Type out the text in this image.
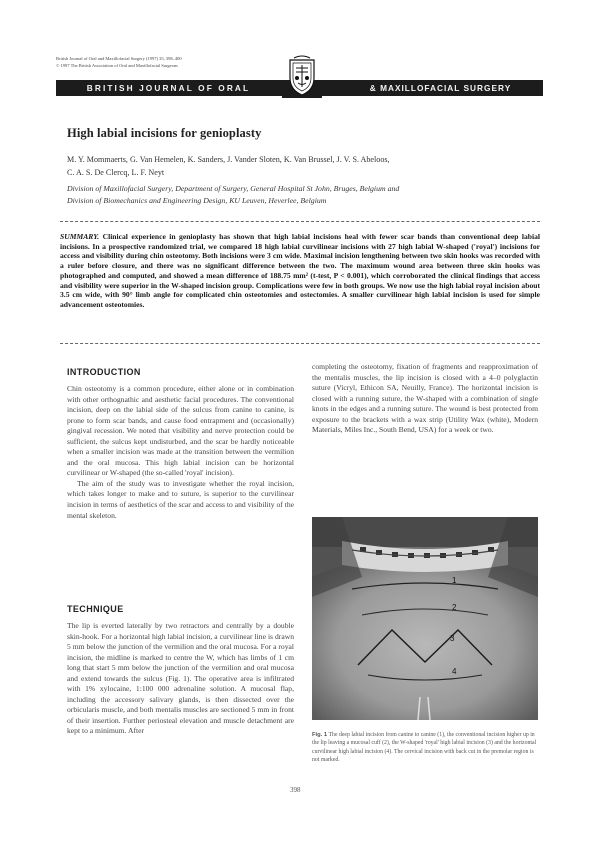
British Journal of Oral and Maxillofacial Surgery (1997) 35, 398–400
© 1997 The British Association of Oral and Maxillofacial Surgeons
BRITISH JOURNAL OF ORAL	& MAXILLOFACIAL SURGERY
High labial incisions for genioplasty
M. Y. Mommaerts, G. Van Hemelen, K. Sanders, J. Vander Sloten, K. Van Brussel, J. V. S. Abeloos,
C. A. S. De Clercq, L. F. Neyt
Division of Maxillofacial Surgery, Department of Surgery, General Hospital St John, Bruges, Belgium and
Division of Biomechanics and Engineering Design, KU Leuven, Heverlee, Belgium
SUMMARY. Clinical experience in genioplasty has shown that high labial incisions heal with fewer scar bands than conventional deep labial incisions. In a prospective randomized trial, we compared 18 high labial curvilinear incisions with 27 high labial W-shaped ('royal') incisions for access and visibility during chin osteotomy. Both incisions were 3 cm wide. Maximal incision lengthening between two skin hooks was recorded with a ruler before closure, and there was no significant difference between the two. The maximum wound area between three skin hooks was photographed and computed, and showed a mean difference of 188.75 mm² (t-test, P < 0.001), which corroborated the clinical findings that access and visibility were superior in the W-shaped incision group. Complications were few in both groups. We now use the high labial royal incision about 3.5 cm wide, with 90° limb angle for complicated chin osteotomies and ostectomies. A smaller curvilinear high labial incision is used for simple advancement osteotomies.
INTRODUCTION
Chin osteotomy is a common procedure, either alone or in combination with other orthognathic and aesthetic facial procedures. The conventional incision, deep on the labial side of the sulcus from canine to canine, is prone to form scar bands, and cause food entrapment and (occasionally) gingival recession. We noted that visibility and nerve protection could be sufficient, the sulcus kept undisturbed, and the scar be hardly noticeable when a smaller incision was made at the transition between the vermilion and the oral mucosa. This high labial incision can be horizontal curvilinear or W-shaped (the so-called 'royal' incision).
The aim of the study was to investigate whether the royal incision, which takes longer to make and to suture, is superior to the curvilinear incision in terms of aesthetics of the scar and access to and visibility of the mental skeleton.
TECHNIQUE
The lip is everted laterally by two retractors and centrally by a double skin-hook. For a horizontal high labial incision, a curvilinear line is drawn 5 mm below the junction of the vermilion and the oral mucosa. For a royal incision, the midline is marked to centre the W, which has limbs of 1 cm long that start 5 mm below the junction of the vermilion and oral mucosa and extend towards the sulcus (Fig. 1). The operative area is infiltrated with 1% xylocaine, 1:100 000 adrenaline solution. A mucosal flap, including the accessory salivary glands, is then dissected over the orbicularis muscle, and both mentalis muscles are sectioned 5 mm in front of their insertion. Further periosteal elevation and muscle detachment are kept to a minimum. After
completing the osteotomy, fixation of fragments and reapproximation of the mentalis muscles, the lip incision is closed with a 4–0 polyglactin suture (Vicryl, Ethicon SA, Neuilly, France). The horizontal incision is closed with a running suture, the W-shaped with a combination of single knots in the edges and a running suture. The wound is best protected from exposure to the brackets with a wax strip (Utility Wax (white), Modern Materials, Miles Inc., South Bend, USA) for a week or two.
1
2
3
4
Fig. 1 The deep labial incision from canine to canine (1), the conventional incision higher up in the lip leaving a mucosal cuff (2), the W-shaped 'royal' high labial incision (3) and the horizontal curvilinear high labial incision (4). The cervical incision with back cut in the premolar region is not marked.
398
